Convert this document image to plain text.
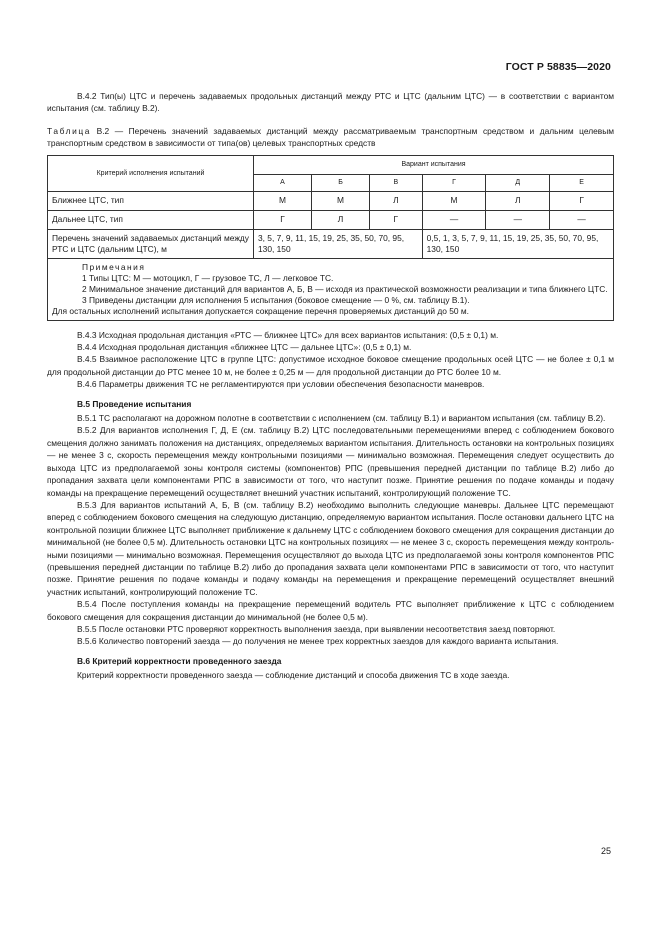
ГОСТ Р 58835—2020

В.4.2 Тип(ы) ЦТС и перечень задаваемых продольных дистанций между РТС и ЦТС (дальним ЦТС) — в соответствии с вариантом испытания (см. таблицу В.2).

Таблица В.2 — Перечень значений задаваемых дистанций между рассматриваемым транспортным средством и дальним целевым транспортным средством в зависимости от типа(ов) целевых транспортных средств

Критерий исполнения испытаний	Вариант испытания					
	А	Б	В	Г	Д	Е
Ближнее ЦТС, тип	М	М	Л	М	Л	Г
Дальнее ЦТС, тип	Г	Л	Г	—	—	—
Перечень значений задаваемых дистанций между РТС и ЦТС (дальним ЦТС), м	3, 5, 7, 9, 11, 15, 19, 25, 35, 50, 70, 95, 130, 150			0,5, 1, 3, 5, 7, 9, 11, 15, 19, 25, 35, 50, 70, 95, 130, 150		

Примечания

1 Типы ЦТС: М — мотоцикл, Г — грузовое ТС, Л — легковое ТС.

2 Минимальное значение дистанций для вариантов А, Б, В — исходя из практической возможности реализации и типа ближнего ЦТС.

3 Приведены дистанции для исполнения 5 испытания (боковое смещение — 0 %, см. таблицу В.1).

Для остальных исполнений испытания допускается сокращение перечня проверяемых дистанций до 50 м.						

В.4.3 Исходная продольная дистанция «РТС — ближнее ЦТС» для всех вариантов испытания: (0,5 ± 0,1) м.

В.4.4 Исходная продольная дистанция «ближнее ЦТС — дальнее ЦТС»: (0,5 ± 0,1) м.

В.4.5 Взаимное расположение ЦТС в группе ЦТС: допустимое исходное боковое смещение продольных осей ЦТС — не более ± 0,1 м для продольной дистанции до РТС менее 10 м, не более ± 0,25 м — для продольной дистанции до РТС более 10 м.

В.4.6 Параметры движения ТС не регламентируются при условии обеспечения безопасности маневров.

В.5 Проведение испытания

В.5.1 ТС располагают на дорожном полотне в соответствии с исполнением (см. таблицу В.1) и вариантом испытания (см. таблицу В.2).

В.5.2 Для вариантов исполнения Г, Д, Е (см. таблицу В.2) ЦТС последовательными перемещениями вперед с соблюдением бокового смещения должно занимать положения на дистанциях, определяемых вариантом испытания. Длительность остановки на контрольных позициях — не менее 3 с, скорость перемещения между контрольными позициями — минимально возможная. Перемещения следует осуществить до выхода ЦТС из предполагаемой зоны контроля системы (компонентов) РПС (превышения передней дистанции по таблице В.2) либо до пропадания захвата цели компонентами РПС в зависимости от того, что наступит позже. Принятие решения по подаче команды и подачу команды на прекращение перемещений осуществляет внешний участник испытаний, контролирующий положение ТС.

В.5.3 Для вариантов испытаний А, Б, В (см. таблицу В.2) необходимо выполнить следующие маневры. Дальнее ЦТС перемещают вперед с соблюдением бокового смещения на следующую дистанцию, определяемую вариантом испытания. После остановки дальнего ЦТС на контрольной позиции ближнее ЦТС выполняет приближение к дальнему ЦТС с соблюдением бокового смещения для сокращения дистанции до минимальной (не более 0,5 м). Длительность остановки ЦТС на контрольных позициях — не менее 3 с, скорость перемещения между контрольными позициями — минимально возможная. Перемещения осуществляют до выхода ЦТС из предполагаемой зоны контроля компонентов РПС (превышения передней дистанции по таблице В.2) либо до пропадания захвата цели компонентами РПС в зависимости от того, что наступит позже. Принятие решения по подаче команды и подачу команды на перемещения и прекращение перемещений осуществляет внешний участник испытаний, контролирующий положение ТС.

В.5.4 После поступления команды на прекращение перемещений водитель РТС выполняет приближение к ЦТС с соблюдением бокового смещения для сокращения дистанции до минимальной (не более 0,5 м).

В.5.5 После остановки РТС проверяют корректность выполнения заезда, при выявлении несоответствия заезд повторяют.

В.5.6 Количество повторений заезда — до получения не менее трех корректных заездов для каждого варианта испытания.

В.6 Критерий корректности проведенного заезда

Критерий корректности проведенного заезда — соблюдение дистанций и способа движения ТС в ходе заезда.

25
